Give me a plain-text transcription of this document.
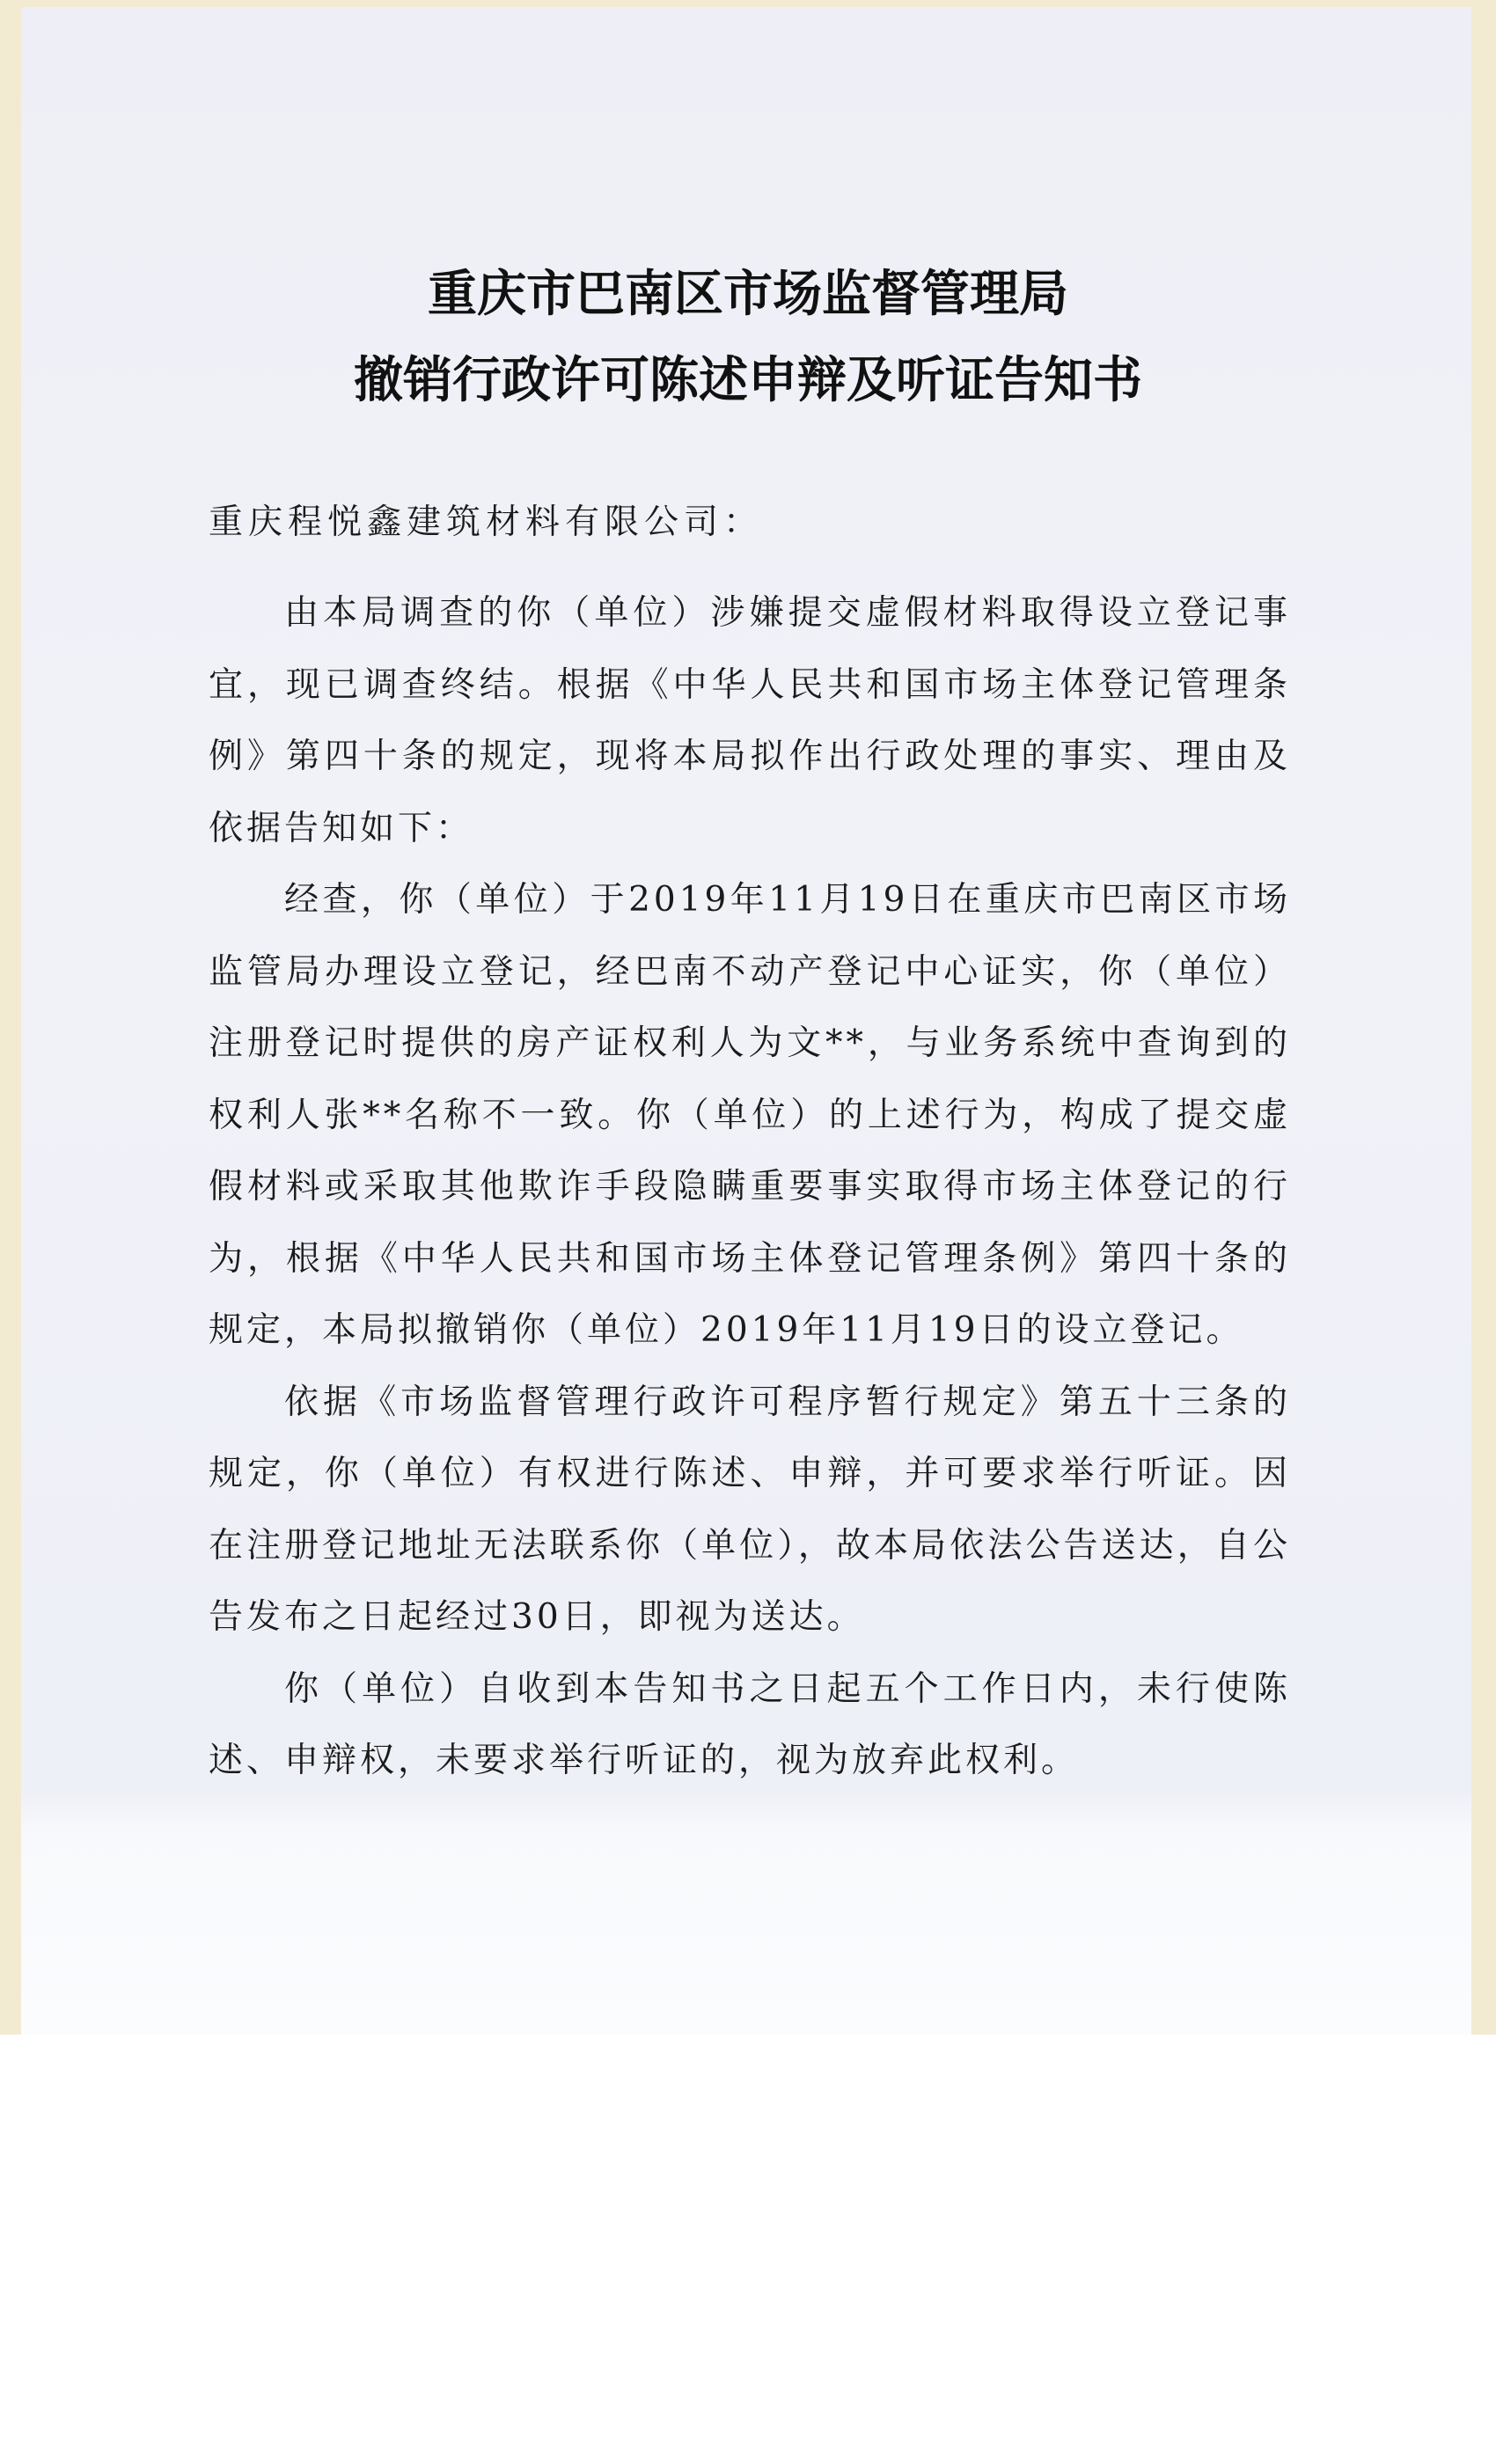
重庆市巴南区市场监督管理局
撤销行政许可陈述申辩及听证告知书
重庆程悦鑫建筑材料有限公司：

由本局调查的你（单位）涉嫌提交虚假材料取得设立登记事宜，现已调查终结。根据《中华人民共和国市场主体登记管理条例》第四十条的规定，现将本局拟作出行政处理的事实、理由及依据告知如下：

经查，你（单位）于2019年11月19日在重庆市巴南区市场监管局办理设立登记，经巴南不动产登记中心证实，你（单位）注册登记时提供的房产证权利人为文**，与业务系统中查询到的权利人张**名称不一致。你（单位）的上述行为，构成了提交虚假材料或采取其他欺诈手段隐瞒重要事实取得市场主体登记的行为，根据《中华人民共和国市场主体登记管理条例》第四十条的规定，本局拟撤销你（单位）2019年11月19日的设立登记。

依据《市场监督管理行政许可程序暂行规定》第五十三条的规定，你（单位）有权进行陈述、申辩，并可要求举行听证。因在注册登记地址无法联系你（单位），故本局依法公告送达，自公告发布之日起经过30日，即视为送达。

你（单位）自收到本告知书之日起五个工作日内，未行使陈述、申辩权，未要求举行听证的，视为放弃此权利。
